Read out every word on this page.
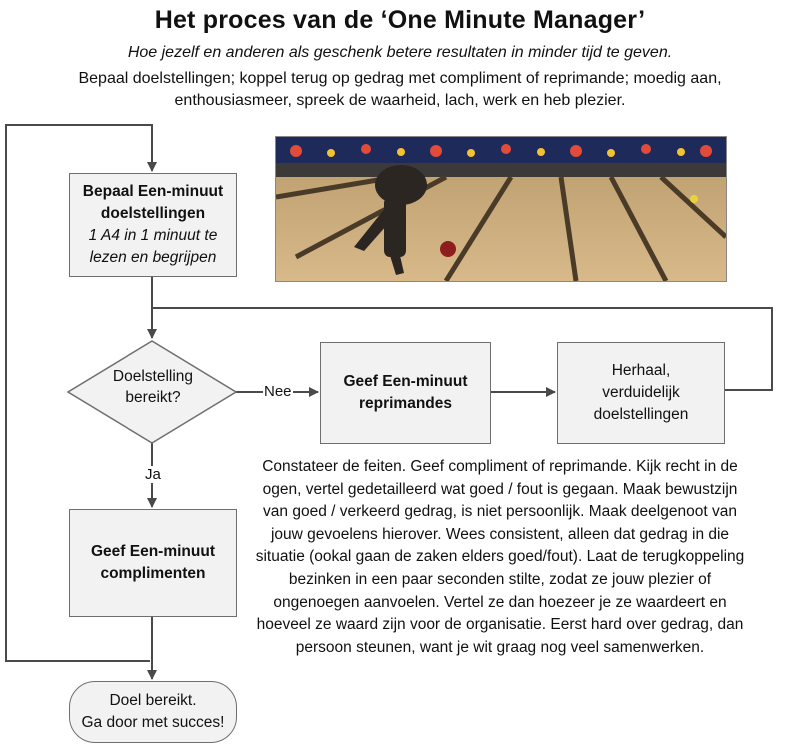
Het proces van de ‘One Minute Manager’
Hoe jezelf en anderen als geschenk betere resultaten in minder tijd te geven.
Bepaal doelstellingen; koppel terug op gedrag met compliment of reprimande; moedig aan,
enthousiasmeer, spreek de waarheid, lach, werk en heb plezier.
Bepaal Een-minuut
doelstellingen
1 A4 in 1 minuut te
lezen en begrijpen
Doelstelling
bereikt?
Geef Een-minuut
reprimandes
Herhaal,
verduidelijk
doelstellingen
Nee
Ja
Geef Een-minuut
complimenten
Doel bereikt.
Ga door met succes!
Constateer de feiten. Geef compliment of reprimande. Kijk recht in de
ogen, vertel gedetailleerd wat goed / fout is gegaan. Maak bewustzijn
van goed / verkeerd gedrag, is niet persoonlijk. Maak deelgenoot van
jouw gevoelens hierover. Wees consistent, alleen dat gedrag in die
situatie (ookal gaan de zaken elders goed/fout). Laat de terugkoppeling
bezinken in een paar seconden stilte, zodat ze jouw plezier of
ongenoegen aanvoelen. Vertel ze dan hoezeer je ze waardeert en
hoeveel ze waard zijn voor de organisatie. Eerst hard over gedrag, dan
persoon steunen, want je wit graag nog veel samenwerken.
